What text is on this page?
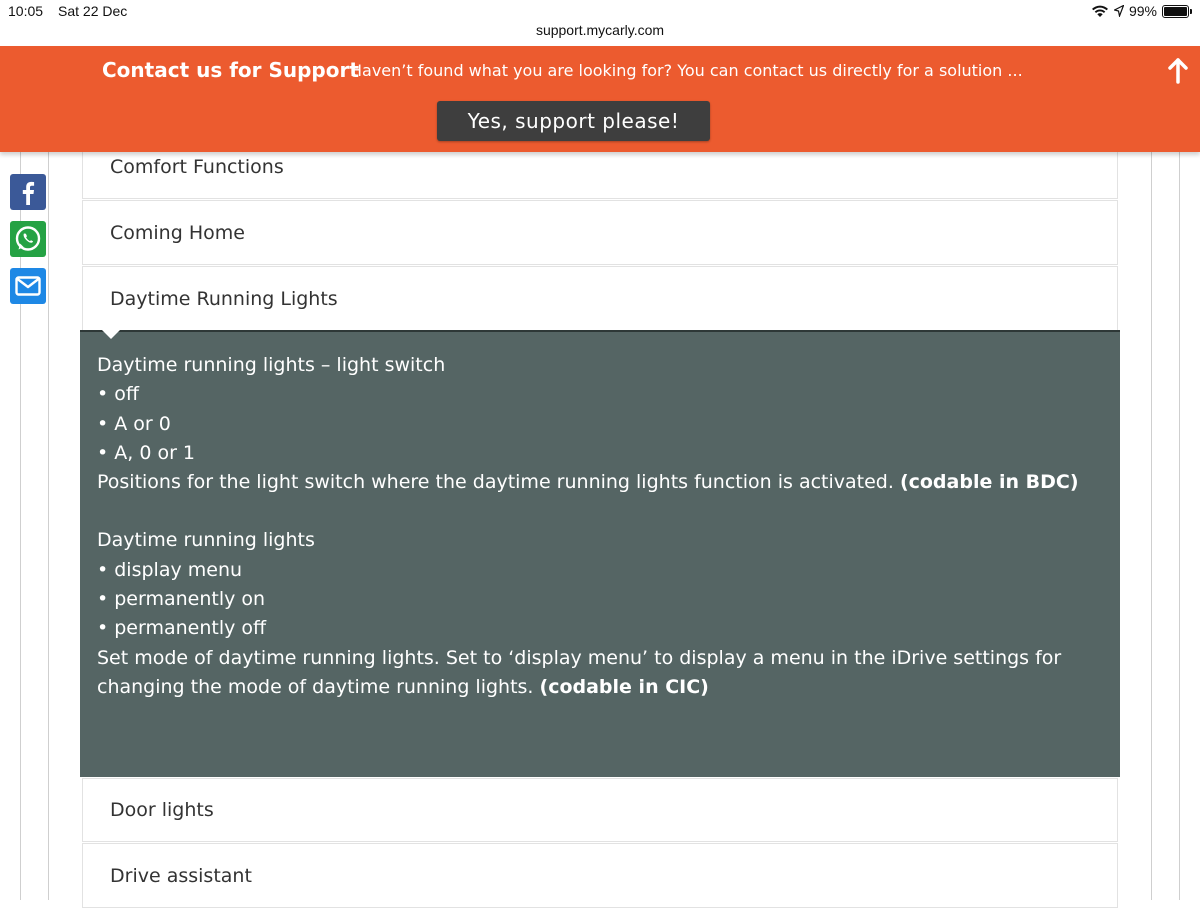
10:05 Sat 22 Dec	99%
support.mycarly.com
Contact us for Support
Haven’t found what you are looking for? You can contact us directly for a solution ...
Yes, support please!
Comfort Functions
Coming Home
Daytime Running Lights

Daytime running lights – light switch

• off

• A or 0

• A, 0 or 1

Positions for the light switch where the daytime running lights function is activated. (codable in BDC)

Daytime running lights

• display menu

• permanently on

• permanently off

Set mode of daytime running lights. Set to ‘display menu’ to display a menu in the iDrive settings for changing the mode of daytime running lights. (codable in CIC)

Door lights
Drive assistant
